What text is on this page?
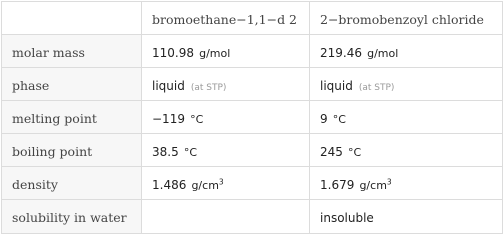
	bromoethane−1,1−d 2	2−bromobenzoyl chloride
molar mass	110.98 g/mol	219.46 g/mol
phase	liquid (at STP)	liquid (at STP)
melting point	−119 °C	9 °C
boiling point	38.5 °C	245 °C
density	1.486 $g/cm^3$	1.679 $g/cm^3$
solubility in water		insoluble
